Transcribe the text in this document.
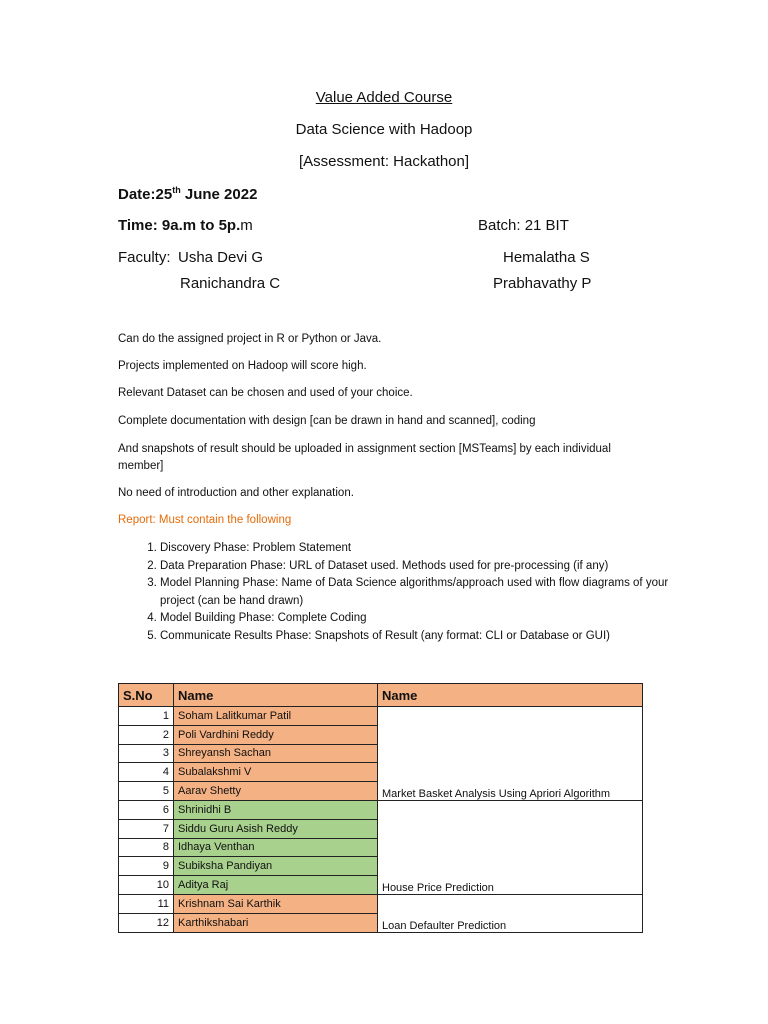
Value Added Course
Data Science with Hadoop
[Assessment: Hackathon]
Date:25th June 2022
Time: 9a.m to 5p.m	Batch: 21 BIT
Faculty: Usha Devi G	Hemalatha S
Ranichandra C	Prabhavathy P
Can do the assigned project in R or Python or Java.
Projects implemented on Hadoop will score high.
Relevant Dataset can be chosen and used of your choice.
Complete documentation with design [can be drawn in hand and scanned], coding
And snapshots of result should be uploaded in assignment section [MSTeams] by each individual member]
No need of introduction and other explanation.
Report: Must contain the following
1. Discovery Phase: Problem Statement
2. Data Preparation Phase: URL of Dataset used. Methods used for pre-processing (if any)
3. Model Planning Phase: Name of Data Science algorithms/approach used with flow diagrams of your project (can be hand drawn)
4. Model Building Phase: Complete Coding
5. Communicate Results Phase: Snapshots of Result (any format: CLI or Database or GUI)
S.No	Name	Name
1	Soham Lalitkumar Patil	Market Basket Analysis Using Apriori Algorithm
2	Poli Vardhini Reddy	
3	Shreyansh Sachan	
4	Subalakshmi V	
5	Aarav Shetty	
6	Shrinidhi B	House Price Prediction
7	Siddu Guru Asish Reddy	
8	Idhaya Venthan	
9	Subiksha Pandiyan	
10	Aditya Raj	
11	Krishnam Sai Karthik	Loan Defaulter Prediction
12	Karthikshabari	
